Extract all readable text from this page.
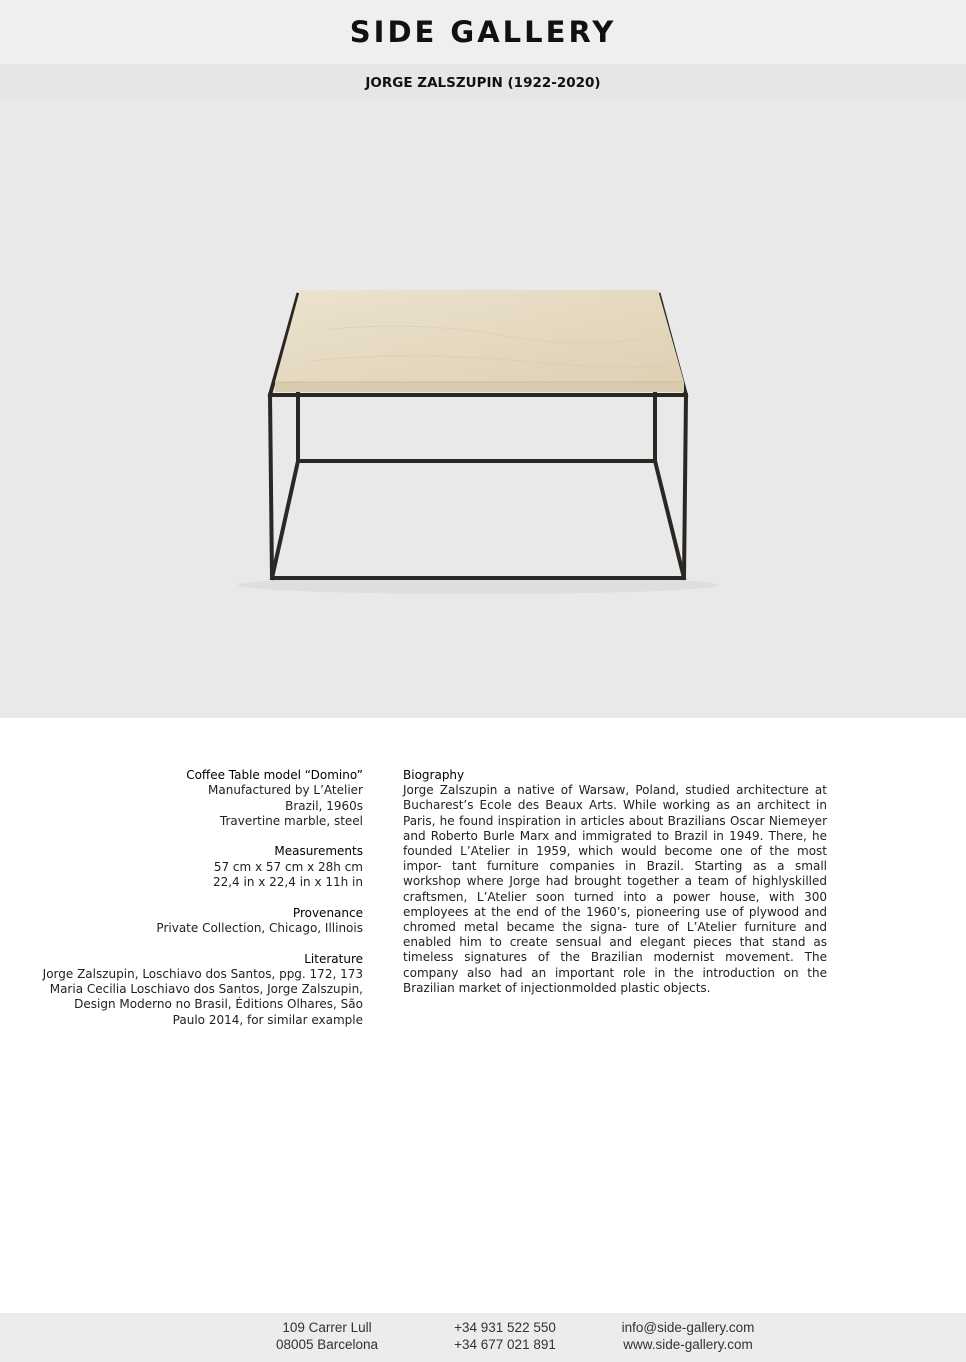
SIDE GALLERY
JORGE ZALSZUPIN (1922-2020)
Coffee Table model “Domino”
Manufactured by L’Atelier
Brazil, 1960s
Travertine marble, steel
Measurements
57 cm x 57 cm x 28h cm
22,4 in x 22,4 in x 11h in
Provenance
Private Collection, Chicago, Illinois
Literature
Jorge Zalszupin, Loschiavo dos Santos, ppg. 172, 173
Maria Cecilia Loschiavo dos Santos, Jorge Zalszupin,
Design Moderno no Brasil, Éditions Olhares, São
Paulo 2014, for similar example
Biography
Jorge Zalszupin a native of Warsaw, Poland, studied architecture at Bucharest’s Ecole des Beaux Arts. While working as an architect in Paris, he found inspiration in articles about Brazilians Oscar Niemeyer and Roberto Burle Marx and immigrated to Brazil in 1949. There, he founded L’Atelier in 1959, which would become one of the most impor- tant furniture companies in Brazil. Starting as a small workshop where Jorge had brought together a team of highlyskilled craftsmen, L’Atelier soon turned into a power house, with 300 employees at the end of the 1960’s, pioneering use of plywood and chromed metal became the signa- ture of L’Atelier furniture and enabled him to create sensual and elegant pieces that stand as timeless signatures of the Brazilian modernist movement. The company also had an important role in the introduction on the Brazilian market of injectionmolded plastic objects.
109 Carrer Lull
08005 Barcelona
+34 931 522 550
+34 677 021 891
info@side-gallery.com
www.side-gallery.com
